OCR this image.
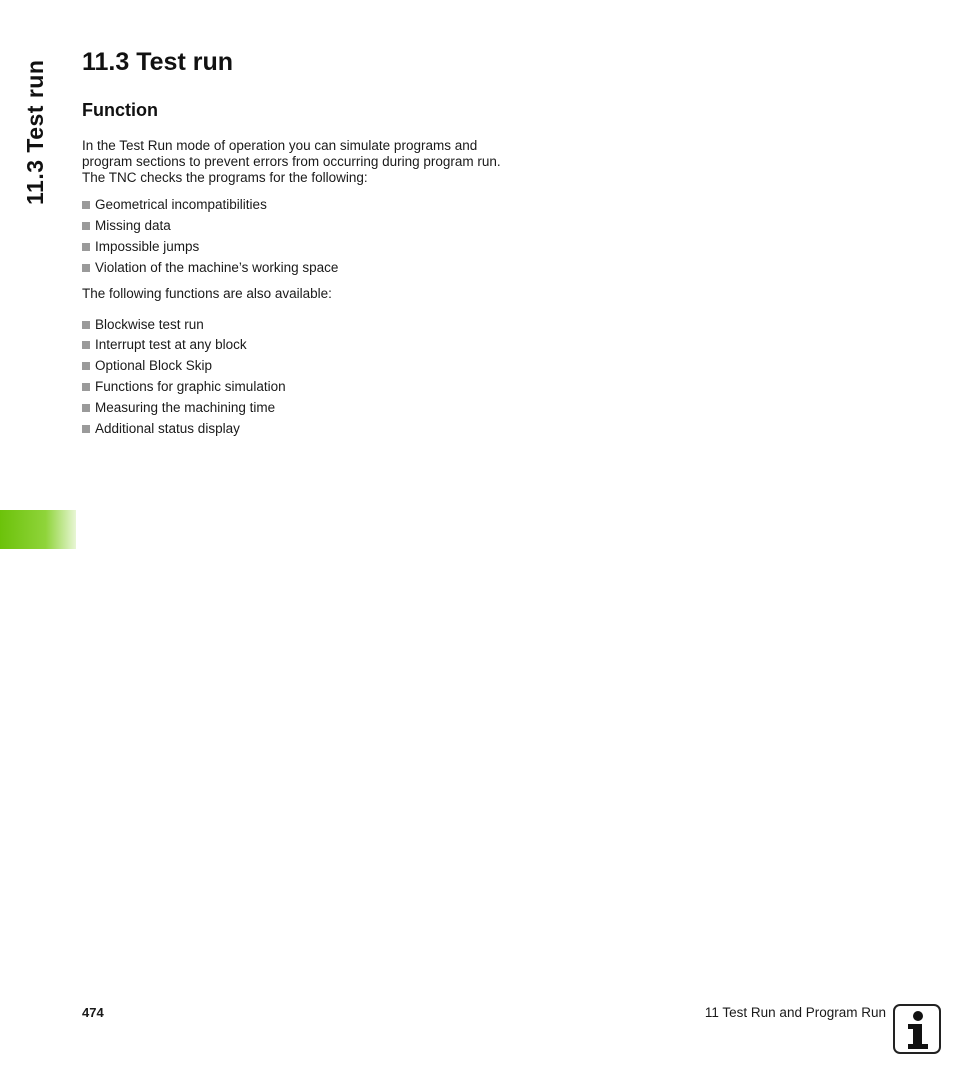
11.3 Test run 11.3 Test run
Function

In the Test Run mode of operation you can simulate programs and

program sections to prevent errors from occurring during program run.

The TNC checks the programs for the following:

Geometrical incompatibilities
Missing data
Impossible jumps
Violation of the machine’s working space

The following functions are also available:

Blockwise test run
Interrupt test at any block
Optional Block Skip
Functions for graphic simulation
Measuring the machining time
Additional status display
474	11 Test Run and Program Run
